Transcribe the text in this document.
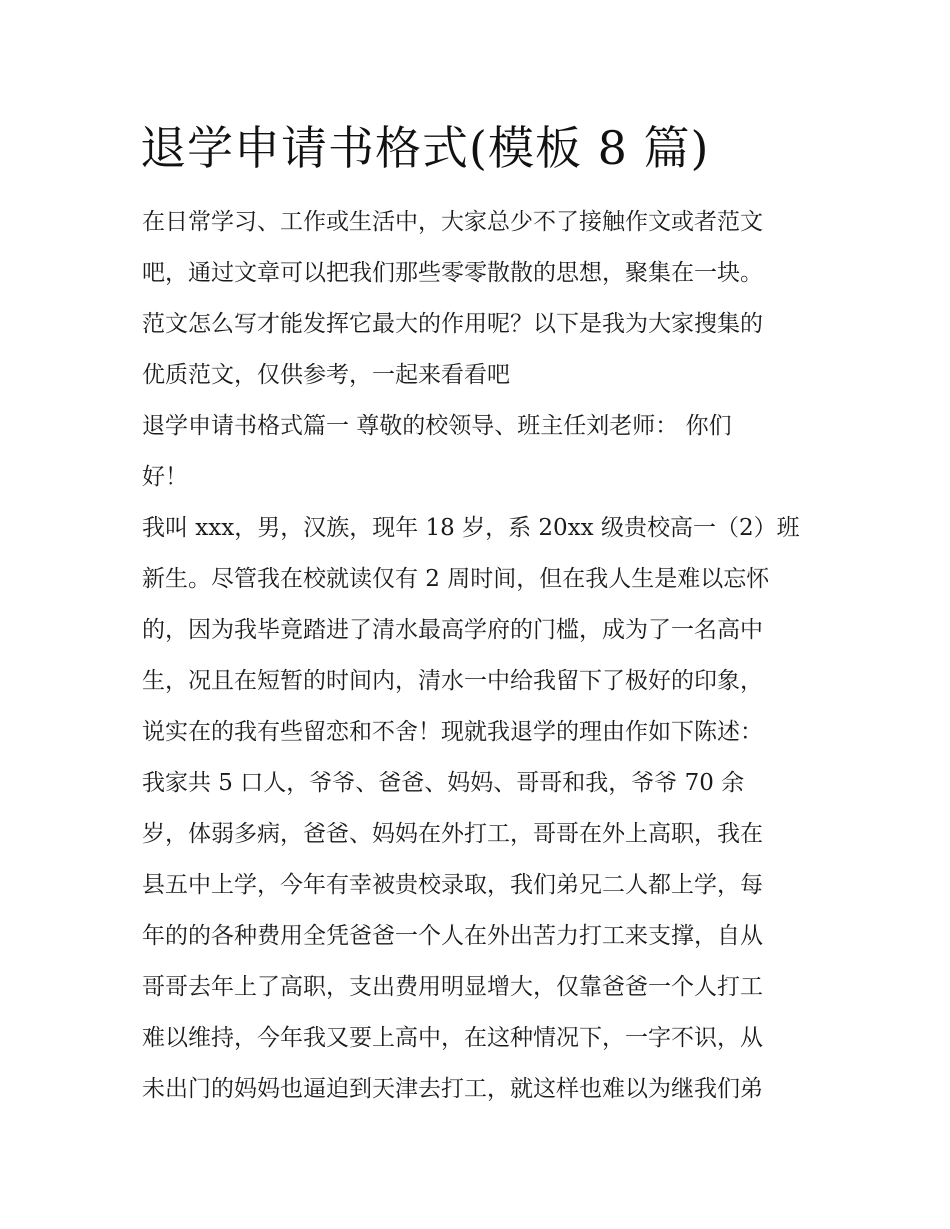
退学申请书格式(模板 8 篇)
在日常学习、工作或生活中，大家总少不了接触作文或者范文
吧，通过文章可以把我们那些零零散散的思想，聚集在一块。
范文怎么写才能发挥它最大的作用呢？以下是我为大家搜集的
优质范文，仅供参考，一起来看看吧
退学申请书格式篇一 尊敬的校领导、班主任刘老师： 你们
好！
我叫 xxx，男，汉族，现年 18 岁，系 20xx 级贵校高一（2）班
新生。尽管我在校就读仅有 2 周时间，但在我人生是难以忘怀
的，因为我毕竟踏进了清水最高学府的门槛，成为了一名高中
生，况且在短暂的时间内，清水一中给我留下了极好的印象，
说实在的我有些留恋和不舍！现就我退学的理由作如下陈述：
我家共 5 口人，爷爷、爸爸、妈妈、哥哥和我，爷爷 70 余
岁，体弱多病，爸爸、妈妈在外打工，哥哥在外上高职，我在
县五中上学，今年有幸被贵校录取，我们弟兄二人都上学，每
年的的各种费用全凭爸爸一个人在外出苦力打工来支撑，自从
哥哥去年上了高职，支出费用明显增大，仅靠爸爸一个人打工
难以维持，今年我又要上高中，在这种情况下，一字不识，从
未出门的妈妈也逼迫到天津去打工，就这样也难以为继我们弟
